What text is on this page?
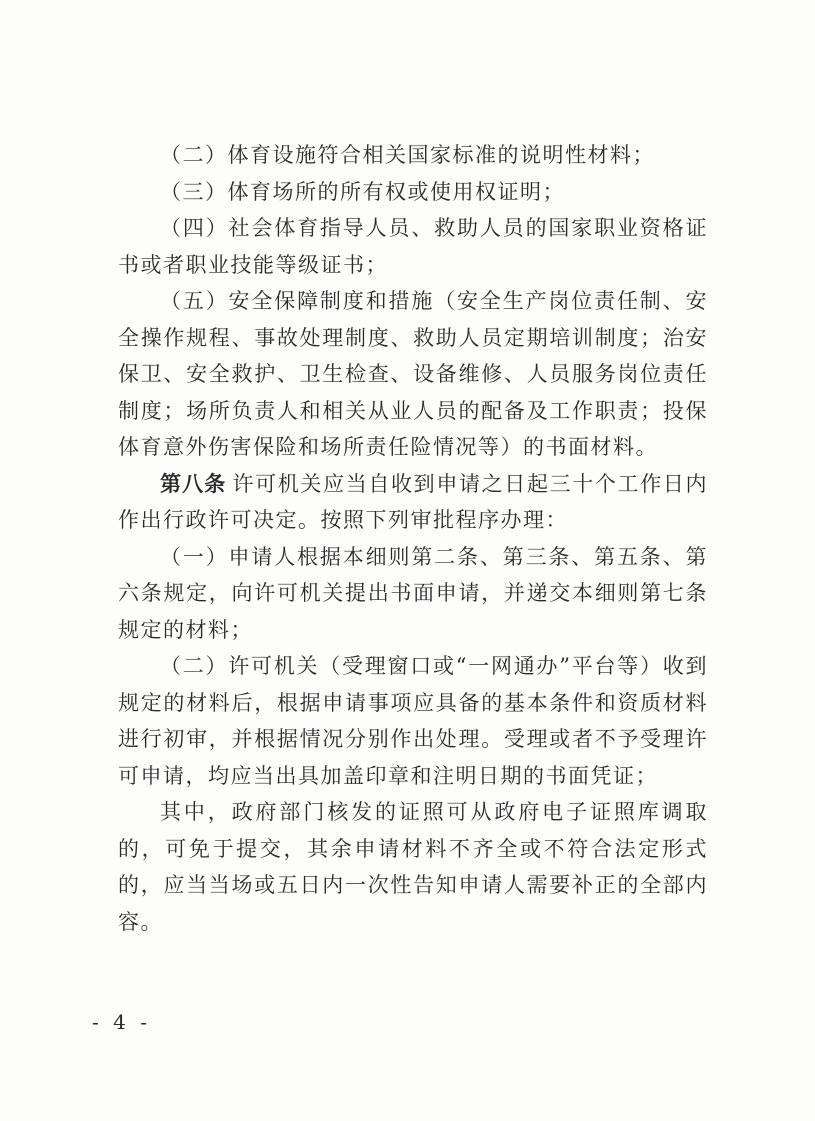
（二）体育设施符合相关国家标准的说明性材料；

（三）体育场所的所有权或使用权证明；

（四）社会体育指导人员、救助人员的国家职业资格证书或者职业技能等级证书；

（五）安全保障制度和措施（安全生产岗位责任制、安全操作规程、事故处理制度、救助人员定期培训制度；治安保卫、安全救护、卫生检查、设备维修、人员服务岗位责任制度；场所负责人和相关从业人员的配备及工作职责；投保体育意外伤害保险和场所责任险情况等）的书面材料。

第八条 许可机关应当自收到申请之日起三十个工作日内作出行政许可决定。按照下列审批程序办理：

（一）申请人根据本细则第二条、第三条、第五条、第六条规定，向许可机关提出书面申请，并递交本细则第七条规定的材料；

（二）许可机关（受理窗口或“一网通办”平台等）收到规定的材料后，根据申请事项应具备的基本条件和资质材料进行初审，并根据情况分别作出处理。受理或者不予受理许可申请，均应当出具加盖印章和注明日期的书面凭证；

其中，政府部门核发的证照可从政府电子证照库调取的，可免于提交，其余申请材料不齐全或不符合法定形式的，应当当场或五日内一次性告知申请人需要补正的全部内容。

- 4 -
